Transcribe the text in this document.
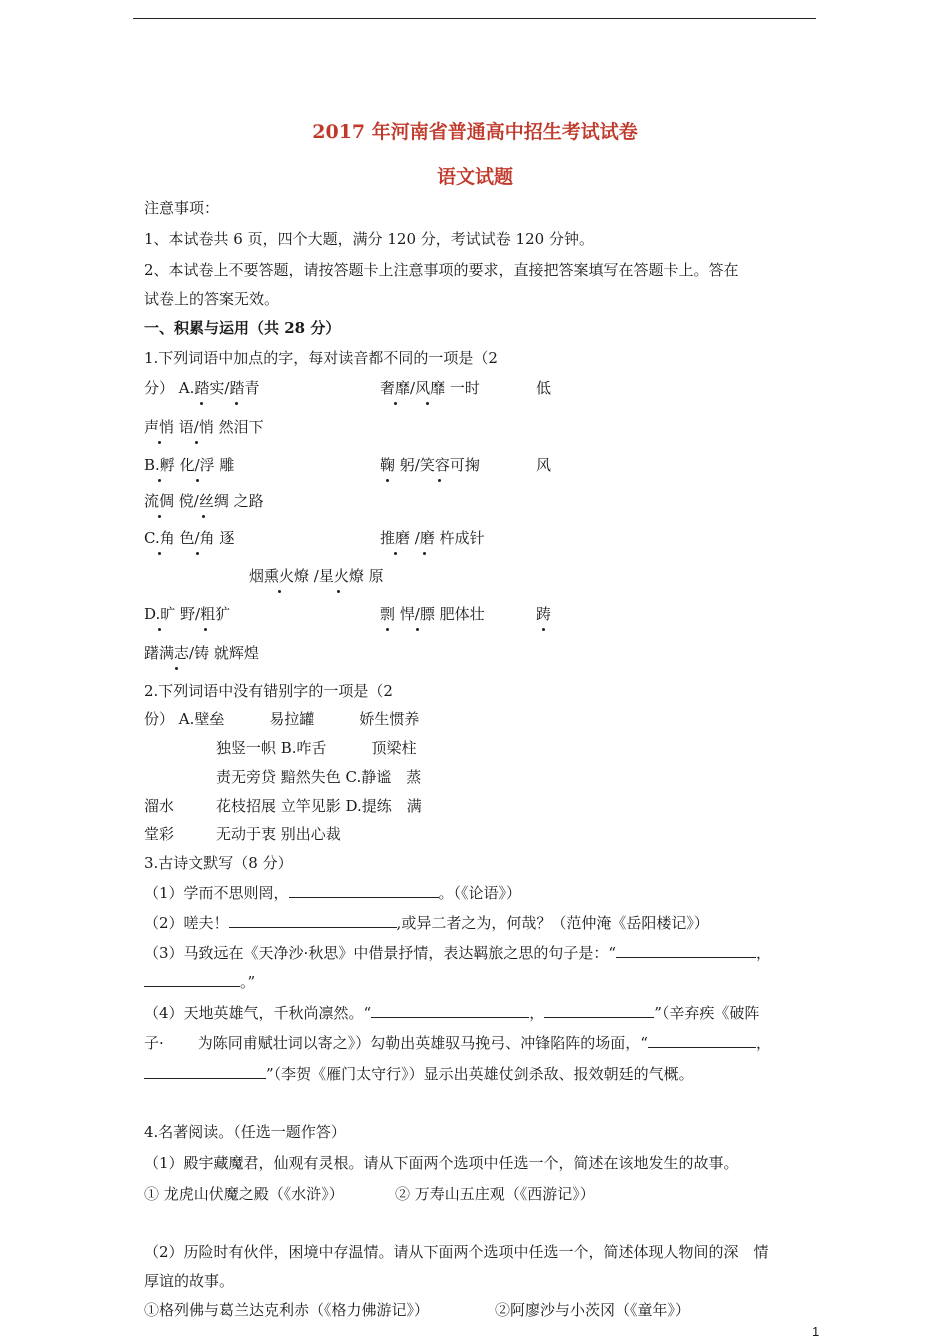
2017 年河南省普通高中招生考试试卷
语文试题
注意事项：
1、本试卷共 6 页，四个大题，满分 120 分，考试试卷 120 分钟。
2、本试卷上不要答题，请按答题卡上注意事项的要求，直接把答案填写在答题卡上。答在
试卷上的答案无效。
一、积累与运用（共 28 分）
1.下列词语中加点的字，每对读音都不同的一项是（2
分） A.踏实/踏青	奢靡/风靡 一时	低
声悄 语/悄 然泪下
B.孵 化/浮 雕	鞠 躬/笑容可掬	风
流倜 傥/丝绸 之路
C.角 色/角 逐	推磨 /磨 杵成针
烟熏火燎 /星火燎 原
D.旷 野/粗犷	剽 悍/膘 肥体壮	踌
躇满志/铸 就辉煌
2.下列词语中没有错别字的一项是（2
份） A.壁垒　　　易拉罐　　　娇生惯养
独竖一帜 B.咋舌　　　顶梁柱
责无旁贷 黯然失色 C.静谧　蒸
溜水	花枝招展 立竿见影 D.提练　满
堂彩	无动于衷 别出心裁
3.古诗文默写（8 分）
（1）学而不思则罔，	。（《论语》）
（2）嗟夫！	,或异二者之为，何哉？（范仲淹《岳阳楼记》）
（3）马致远在《天净沙·秋思》中借景抒情，表达羁旅之思的句子是：“	，
。”
（4）天地英雄气，千秋尚凛然。“	，	”（辛弃疾《破阵
子· 为陈同甫赋壮词以寄之》）勾勒出英雄驭马挽弓、冲锋陷阵的场面，“	，
”（李贺《雁门太守行》）显示出英雄仗剑杀敌、报效朝廷的气概。
4.名著阅读。（任选一题作答）
（1）殿宇藏魔君，仙观有灵根。请从下面两个选项中任选一个，简述在该地发生的故事。
① 龙虎山伏魔之殿（《水浒》）	② 万寿山五庄观（《西游记》）
（2）历险时有伙伴，困境中存温情。请从下面两个选项中任选一个，简述体现人物间的深　情
厚谊的故事。
①格列佛与葛兰达克利赤（《格力佛游记》）	②阿廖沙与小茨冈（《童年》）
1
